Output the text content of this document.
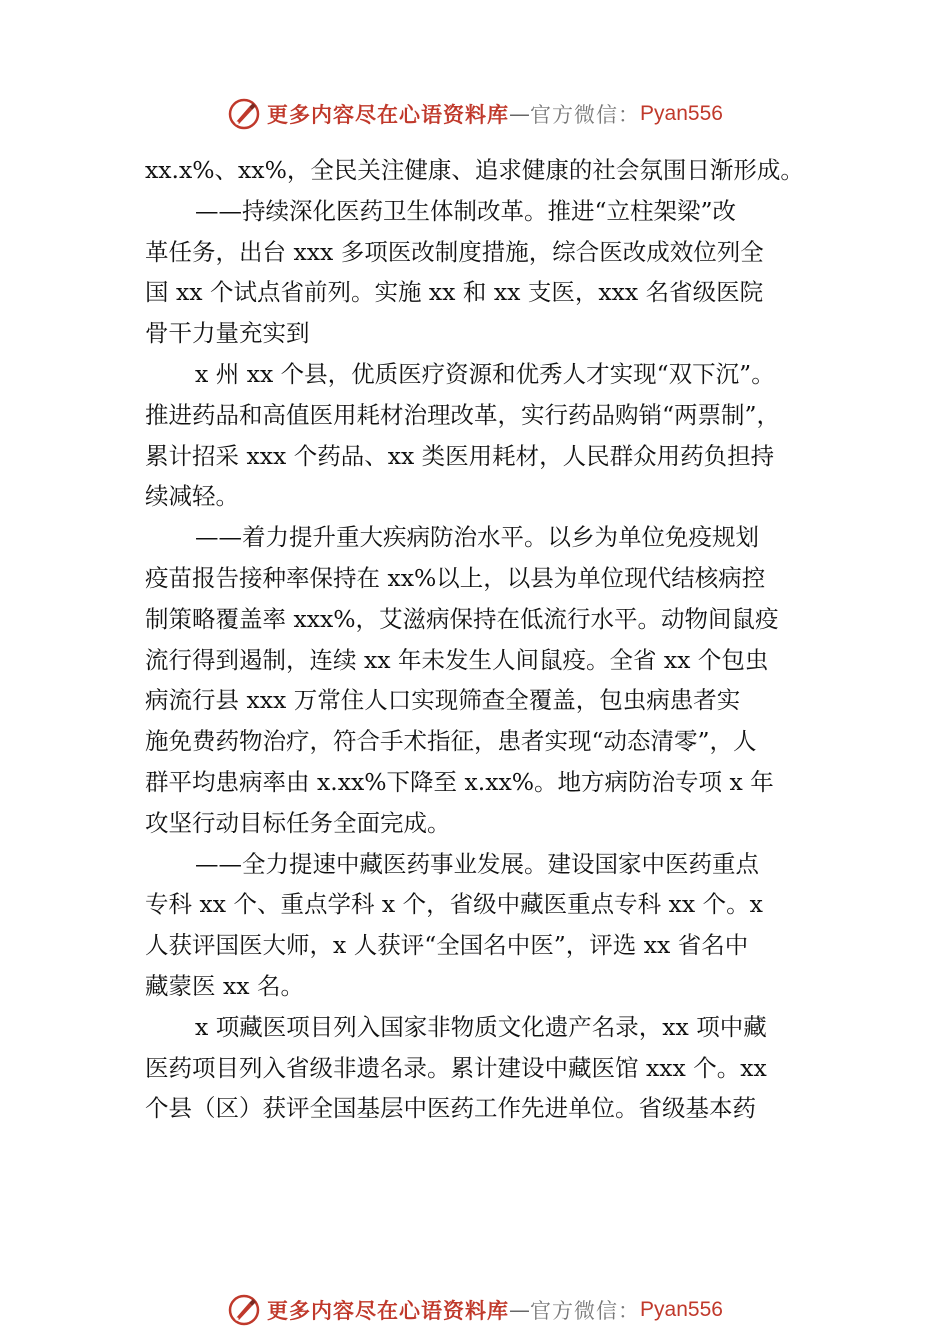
更多内容尽在心语资料库 — 官方微信： Pyan556
xx.x%、xx%，全民关注健康、追求健康的社会氛围日渐形成。
——持续深化医药卫生体制改革。推进“立柱架梁”改
革任务，出台 xxx 多项医改制度措施，综合医改成效位列全
国 xx 个试点省前列。实施 xx 和 xx 支医，xxx 名省级医院
骨干力量充实到
x 州 xx 个县，优质医疗资源和优秀人才实现“双下沉”。
推进药品和高值医用耗材治理改革，实行药品购销“两票制”，
累计招采 xxx 个药品、xx 类医用耗材，人民群众用药负担持
续减轻。
——着力提升重大疾病防治水平。以乡为单位免疫规划
疫苗报告接种率保持在 xx%以上，以县为单位现代结核病控
制策略覆盖率 xxx%，艾滋病保持在低流行水平。动物间鼠疫
流行得到遏制，连续 xx 年未发生人间鼠疫。全省 xx 个包虫
病流行县 xxx 万常住人口实现筛查全覆盖，包虫病患者实
施免费药物治疗，符合手术指征，患者实现“动态清零”，人
群平均患病率由 x.xx%下降至 x.xx%。地方病防治专项 x 年
攻坚行动目标任务全面完成。
——全力提速中藏医药事业发展。建设国家中医药重点
专科 xx 个、重点学科 x 个，省级中藏医重点专科 xx 个。x
人获评国医大师，x 人获评“全国名中医”，评选 xx 省名中
藏蒙医 xx 名。
x 项藏医项目列入国家非物质文化遗产名录，xx 项中藏
医药项目列入省级非遗名录。累计建设中藏医馆 xxx 个。xx
个县（区）获评全国基层中医药工作先进单位。省级基本药
更多内容尽在心语资料库 — 官方微信： Pyan556
